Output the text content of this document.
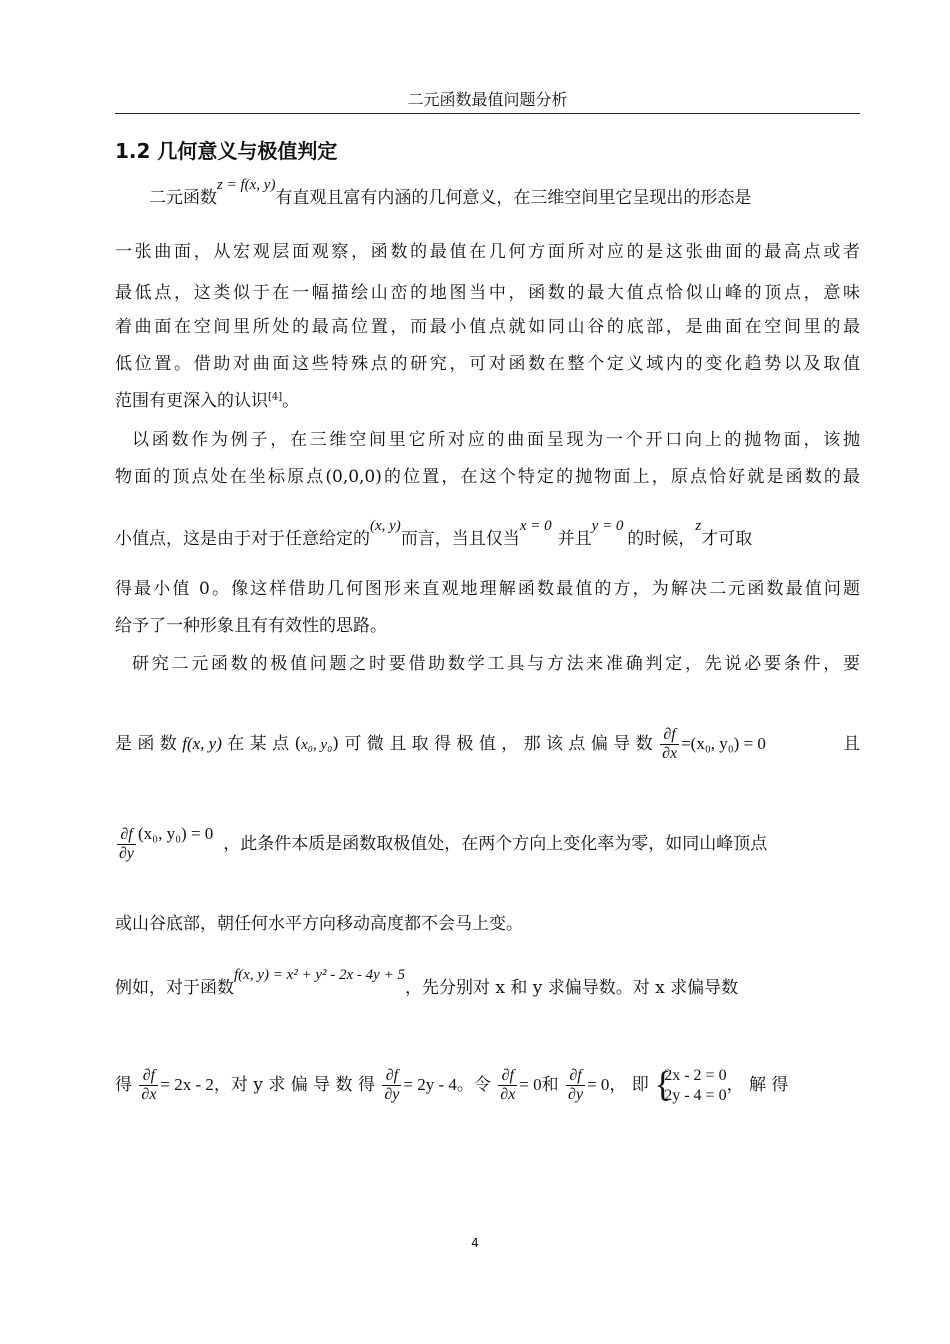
二元函数最值问题分析
1.2 几何意义与极值判定
二元函数z = f(x, y)有直观且富有内涵的几何意义，在三维空间里它呈现出的形态是
一张曲面，从宏观层面观察，函数的最值在几何方面所对应的是这张曲面的最高点或者
最低点，这类似于在一幅描绘山峦的地图当中，函数的最大值点恰似山峰的顶点，意味
着曲面在空间里所处的最高位置，而最小值点就如同山谷的底部，是曲面在空间里的最
低位置。借助对曲面这些特殊点的研究，可对函数在整个定义域内的变化趋势以及取值
范围有更深入的认识[4]。
以函数作为例子，在三维空间里它所对应的曲面呈现为一个开口向上的抛物面，该抛
物面的顶点处在坐标原点(0,0,0)的位置，在这个特定的抛物面上，原点恰好就是函数的最
小值点，这是由于对于任意给定的(x, y)而言，当且仅当x = 0并且y = 0的时候，z才可取
得最小值 0。像这样借助几何图形来直观地理解函数最值的方，为解决二元函数最值问题
给予了一种形象且有有效性的思路。
研究二元函数的极值问题之时要借助数学工具与方法来准确判定，先说必要条件，要
是 函 数 f(x, y) 在 某 点 (x₀, y₀) 可 微 且 取 得 极 值 ， 那 该 点 偏 导 数 $\frac{\partial f}{\partial x} =(x_0$, y₀) = 0	且
$\frac{\partial f}{\partial y} (x_0$, y₀) = 0，此条件本质是函数取极值处，在两个方向上变化率为零，如同山峰顶点
或山谷底部，朝任何水平方向移动高度都不会马上变。
例如，对于函数f(x, y) = x² + y² - 2x - 4y + 5，先分别对 x 和 y 求偏导数。对 x 求偏导数
得 $\frac{\partial f}{\partial x} = 2x - 2$，对 y 求 偏 导 数 得 $\frac{\partial f}{\partial y} = 2y - 4$。令 $\frac{\partial f}{\partial x} = 0$和 $\frac{\partial f}{\partial y} = 0$， 即 {
2x - 2 = 0
2y - 4 = 0 ， 解 得
4
